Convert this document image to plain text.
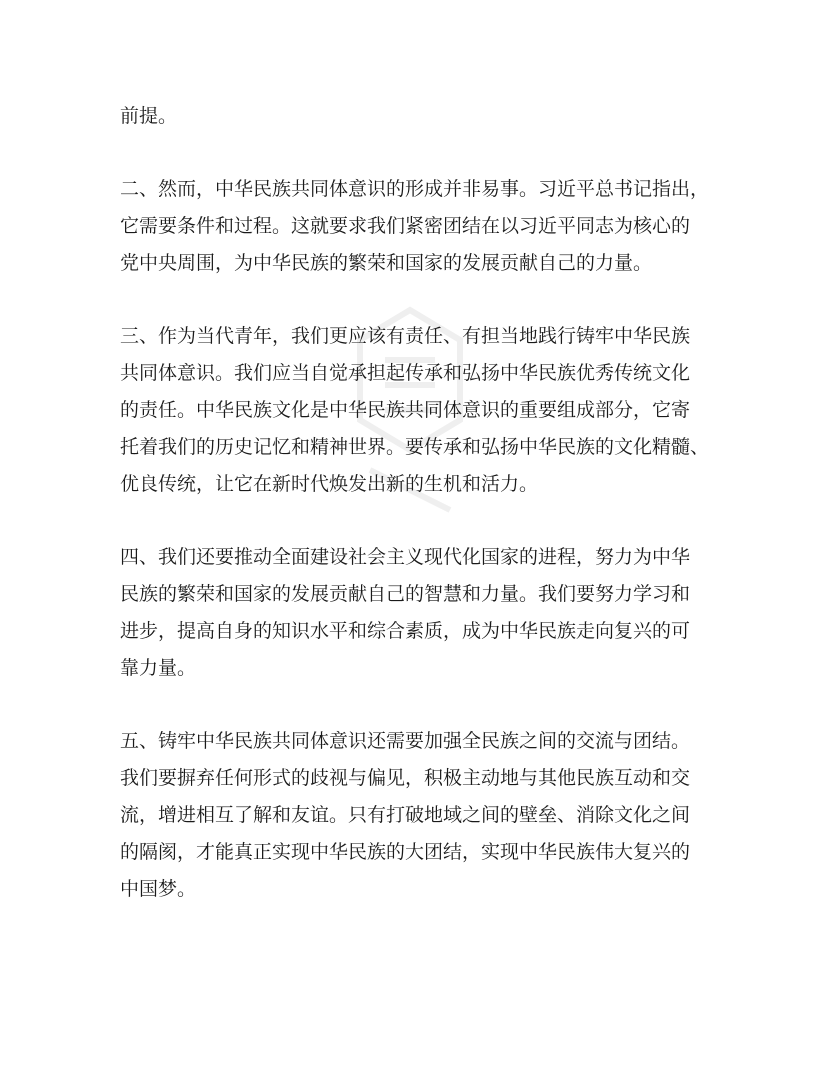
前提。
二、然而，中华民族共同体意识的形成并非易事。习近平总书记指出，
它需要条件和过程。这就要求我们紧密团结在以习近平同志为核心的
党中央周围，为中华民族的繁荣和国家的发展贡献自己的力量。
三、作为当代青年，我们更应该有责任、有担当地践行铸牢中华民族
共同体意识。我们应当自觉承担起传承和弘扬中华民族优秀传统文化
的责任。中华民族文化是中华民族共同体意识的重要组成部分，它寄
托着我们的历史记忆和精神世界。要传承和弘扬中华民族的文化精髓、
优良传统，让它在新时代焕发出新的生机和活力。
四、我们还要推动全面建设社会主义现代化国家的进程，努力为中华
民族的繁荣和国家的发展贡献自己的智慧和力量。我们要努力学习和
进步，提高自身的知识水平和综合素质，成为中华民族走向复兴的可
靠力量。
五、铸牢中华民族共同体意识还需要加强全民族之间的交流与团结。
我们要摒弃任何形式的歧视与偏见，积极主动地与其他民族互动和交
流，增进相互了解和友谊。只有打破地域之间的壁垒、消除文化之间
的隔阂，才能真正实现中华民族的大团结，实现中华民族伟大复兴的
中国梦。
